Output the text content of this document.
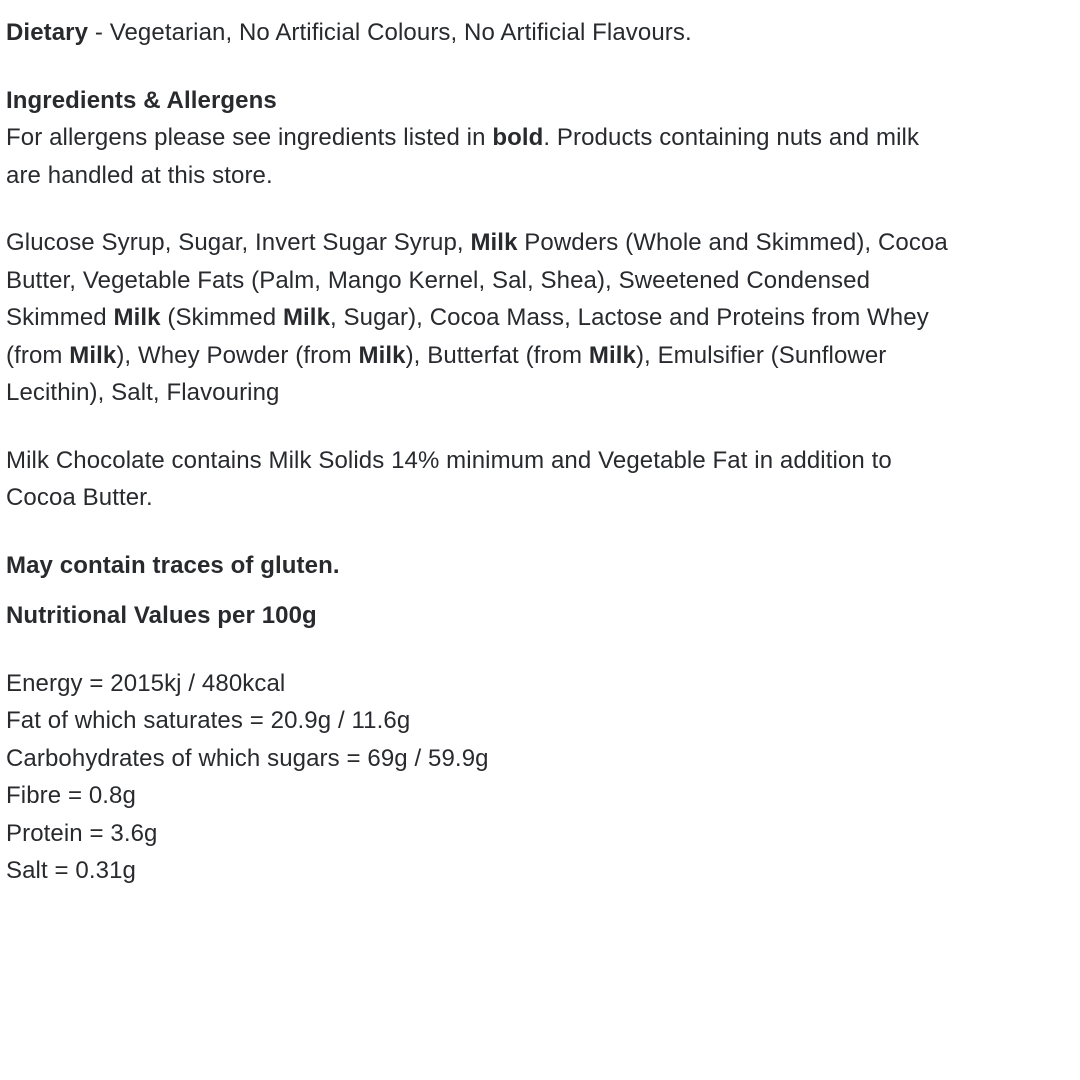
Dietary - Vegetarian, No Artificial Colours, No Artificial Flavours.

Ingredients & Allergens
For allergens please see ingredients listed in bold. Products containing nuts and milk
are handled at this store.

Glucose Syrup, Sugar, Invert Sugar Syrup, Milk Powders (Whole and Skimmed), Cocoa
Butter, Vegetable Fats (Palm, Mango Kernel, Sal, Shea), Sweetened Condensed
Skimmed Milk (Skimmed Milk, Sugar), Cocoa Mass, Lactose and Proteins from Whey
(from Milk), Whey Powder (from Milk), Butterfat (from Milk), Emulsifier (Sunflower
Lecithin), Salt, Flavouring

Milk Chocolate contains Milk Solids 14% minimum and Vegetable Fat in addition to
Cocoa Butter.

May contain traces of gluten.

Nutritional Values per 100g

Energy = 2015kj / 480kcal
Fat of which saturates = 20.9g / 11.6g
Carbohydrates of which sugars = 69g / 59.9g
Fibre = 0.8g
Protein = 3.6g
Salt = 0.31g
